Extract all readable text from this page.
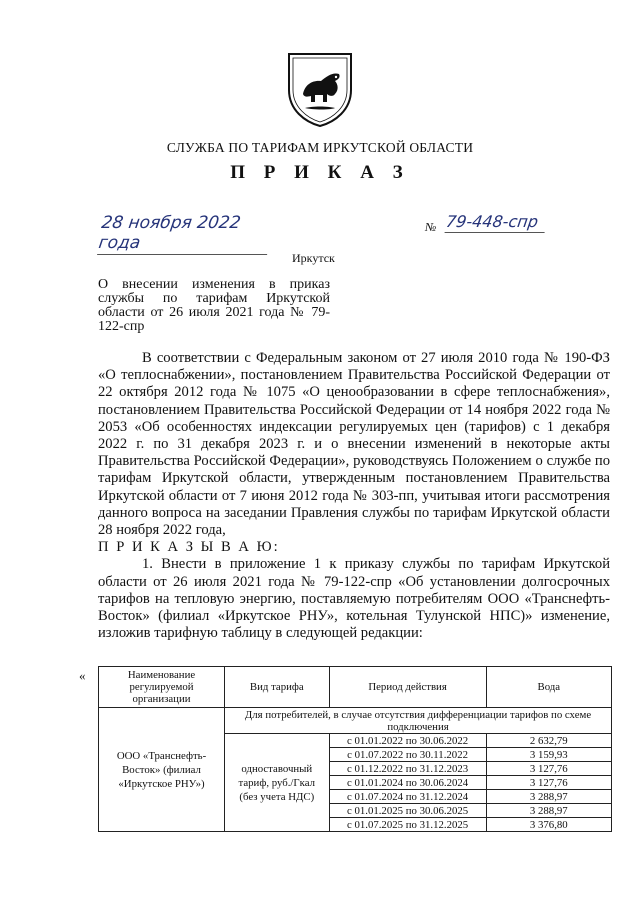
СЛУЖБА ПО ТАРИФАМ ИРКУТСКОЙ ОБЛАСТИ
П Р И К А З
28 ноября 2022 года
№ 79-448-спр
Иркутск
О внесении изменения в приказ службы по тарифам Иркутской области от 26 июля 2021 года № 79-122-спр

В соответствии с Федеральным законом от 27 июля 2010 года № 190-ФЗ «О теплоснабжении», постановлением Правительства Российской Федерации от 22 октября 2012 года № 1075 «О ценообразовании в сфере теплоснабжения», постановлением Правительства Российской Федерации от 14 ноября 2022 года № 2053 «Об особенностях индексации регулируемых цен (тарифов) с 1 декабря 2022 г. по 31 декабря 2023 г. и о внесении изменений в некоторые акты Правительства Российской Федерации», руководствуясь Положением о службе по тарифам Иркутской области, утвержденным постановлением Правительства Иркутской области от 7 июня 2012 года № 303-пп, учитывая итоги рассмотрения данного вопроса на заседании Правления службы по тарифам Иркутской области 28 ноября 2022 года,

П Р И К А З Ы В А Ю:

1. Внести в приложение 1 к приказу службы по тарифам Иркутской области от 26 июля 2021 года № 79-122-спр «Об установлении долгосрочных тарифов на тепловую энергию, поставляемую потребителям ООО «Транснефть-Восток» (филиал «Иркутское РНУ», котельная Тулунской НПС)» изменение, изложив тарифную таблицу в следующей редакции:

«	Наименование регулируемой организации	Вид тарифа	Период действия	Вода
ООО «Транснефть-Восток» (филиал «Иркутское РНУ»)	Для потребителей, в случае отсутствия дифференциации тарифов по схеме подключения		
	одноставочный тариф, руб./Гкал (без учета НДС)	с 01.01.2022 по 30.06.2022	2 632,79
		с 01.07.2022 по 30.11.2022	3 159,93
		с 01.12.2022 по 31.12.2023	3 127,76
		с 01.01.2024 по 30.06.2024	3 127,76
		с 01.07.2024 по 31.12.2024	3 288,97
		с 01.01.2025 по 30.06.2025	3 288,97
		с 01.07.2025 по 31.12.2025	3 376,80
